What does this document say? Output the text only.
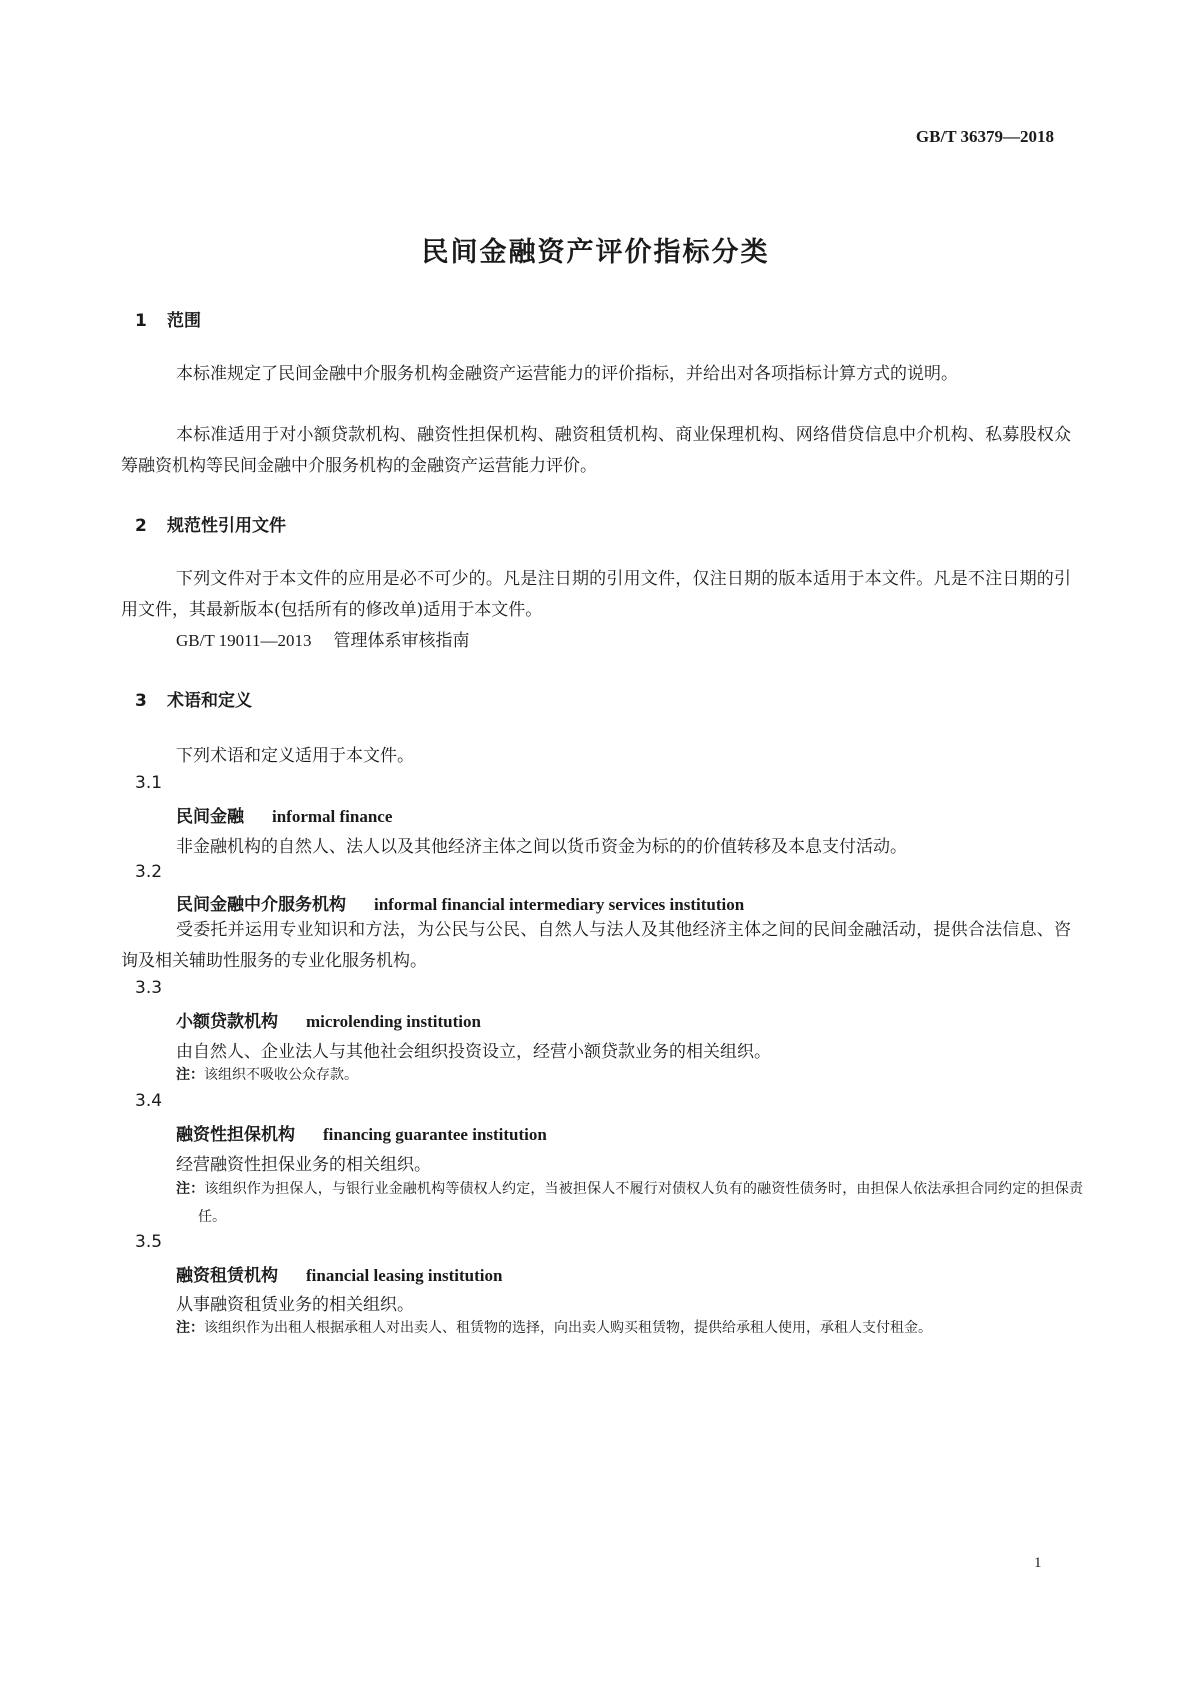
GB/T 36379—2018
民间金融资产评价指标分类
1 范围

本标准规定了民间金融中介服务机构金融资产运营能力的评价指标，并给出对各项指标计算方式的说明。

本标准适用于对小额贷款机构、融资性担保机构、融资租赁机构、商业保理机构、网络借贷信息中介机构、私募股权众筹融资机构等民间金融中介服务机构的金融资产运营能力评价。

2 规范性引用文件

下列文件对于本文件的应用是必不可少的。凡是注日期的引用文件，仅注日期的版本适用于本文件。凡是不注日期的引用文件，其最新版本(包括所有的修改单)适用于本文件。

GB/T 19011—2013 管理体系审核指南
3 术语和定义
下列术语和定义适用于本文件。
3.1
民间金融 informal finance
非金融机构的自然人、法人以及其他经济主体之间以货币资金为标的的价值转移及本息支付活动。
3.2
民间金融中介服务机构 informal financial intermediary services institution

受委托并运用专业知识和方法，为公民与公民、自然人与法人及其他经济主体之间的民间金融活动，提供合法信息、咨询及相关辅助性服务的专业化服务机构。

3.3
小额贷款机构 microlending institution
由自然人、企业法人与其他社会组织投资设立，经营小额贷款业务的相关组织。

注：该组织不吸收公众存款。

3.4
融资性担保机构 financing guarantee institution
经营融资性担保业务的相关组织。

注：该组织作为担保人，与银行业金融机构等债权人约定，当被担保人不履行对债权人负有的融资性债务时，由担保人依法承担合同约定的担保责任。

3.5
融资租赁机构 financial leasing institution
从事融资租赁业务的相关组织。

注：该组织作为出租人根据承租人对出卖人、租赁物的选择，向出卖人购买租赁物，提供给承租人使用，承租人支付租金。

1
